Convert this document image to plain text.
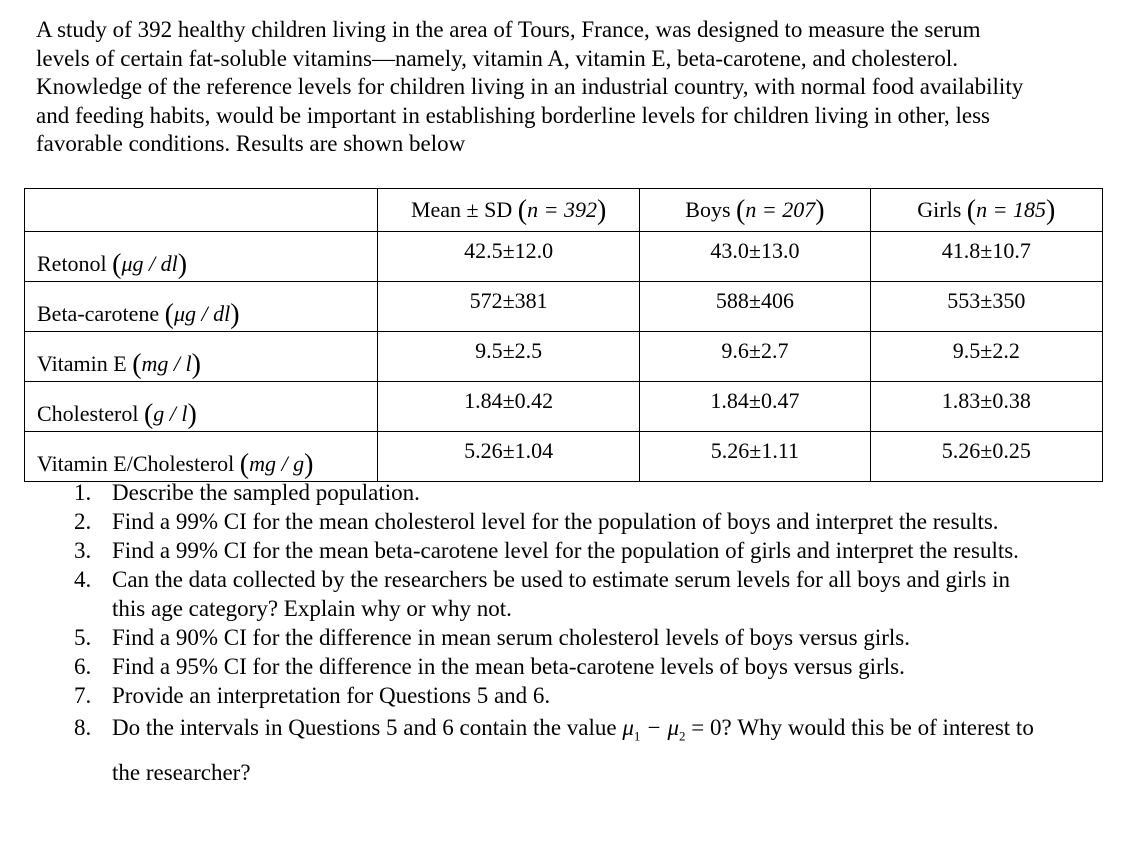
A study of 392 healthy children living in the area of Tours, France, was designed to measure the serum levels of certain fat-soluble vitamins—namely, vitamin A, vitamin E, beta-carotene, and cholesterol. Knowledge of the reference levels for children living in an industrial country, with normal food availability and feeding habits, would be important in establishing borderline levels for children living in other, less favorable conditions. Results are shown below

	Mean ± SD (n = 392)	Boys (n = 207)	Girls (n = 185)
Retonol (μg / dl)	42.5±12.0	43.0±13.0	41.8±10.7
Beta-carotene (μg / dl)	572±381	588±406	553±350
Vitamin E (mg / l)	9.5±2.5	9.6±2.7	9.5±2.2
Cholesterol (g / l)	1.84±0.42	1.84±0.47	1.83±0.38
Vitamin E/Cholesterol (mg / g)	5.26±1.04	5.26±1.11	5.26±0.25
1. Describe the sampled population.
2. Find a 99% CI for the mean cholesterol level for the population of boys and interpret the results.
3. Find a 99% CI for the mean beta-carotene level for the population of girls and interpret the results.
4. Can the data collected by the researchers be used to estimate serum levels for all boys and girls in this age category? Explain why or why not.
5. Find a 90% CI for the difference in mean serum cholesterol levels of boys versus girls.
6. Find a 95% CI for the difference in the mean beta-carotene levels of boys versus girls.
7. Provide an interpretation for Questions 5 and 6.
8. Do the intervals in Questions 5 and 6 contain the value $\mu_1 - \mu_2 = 0$? Why would this be of interest to the researcher?
